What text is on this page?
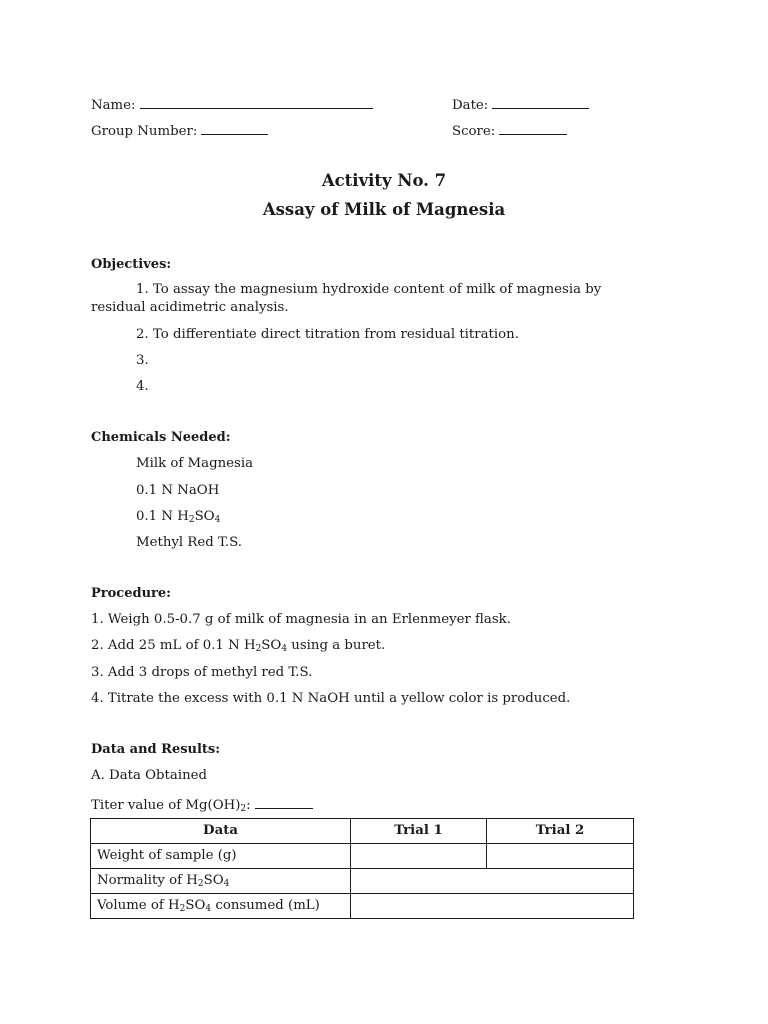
Name:	Date:
Group Number:	Score:
Activity No. 7
Assay of Milk of Magnesia
Objectives:
1. To assay the magnesium hydroxide content of milk of magnesia by
residual acidimetric analysis.
2. To differentiate direct titration from residual titration.
3.
4.
Chemicals Needed:
Milk of Magnesia
0.1 N NaOH
0.1 N $H_2SO_4$
Methyl Red T.S.
Procedure:
1. Weigh 0.5-0.7 g of milk of magnesia in an Erlenmeyer flask.
2. Add 25 mL of 0.1 N $H_2SO_4$ using a buret.
3. Add 3 drops of methyl red T.S.
4. Titrate the excess with 0.1 N NaOH until a yellow color is produced.
Data and Results:
A. Data Obtained
Titer value of $Mg(OH)_2$:
Data	Trial 1	Trial 2
Weight of sample (g)		
Normality of $H_2SO_4$	
Volume of $H_2SO_4$ consumed (mL)		
